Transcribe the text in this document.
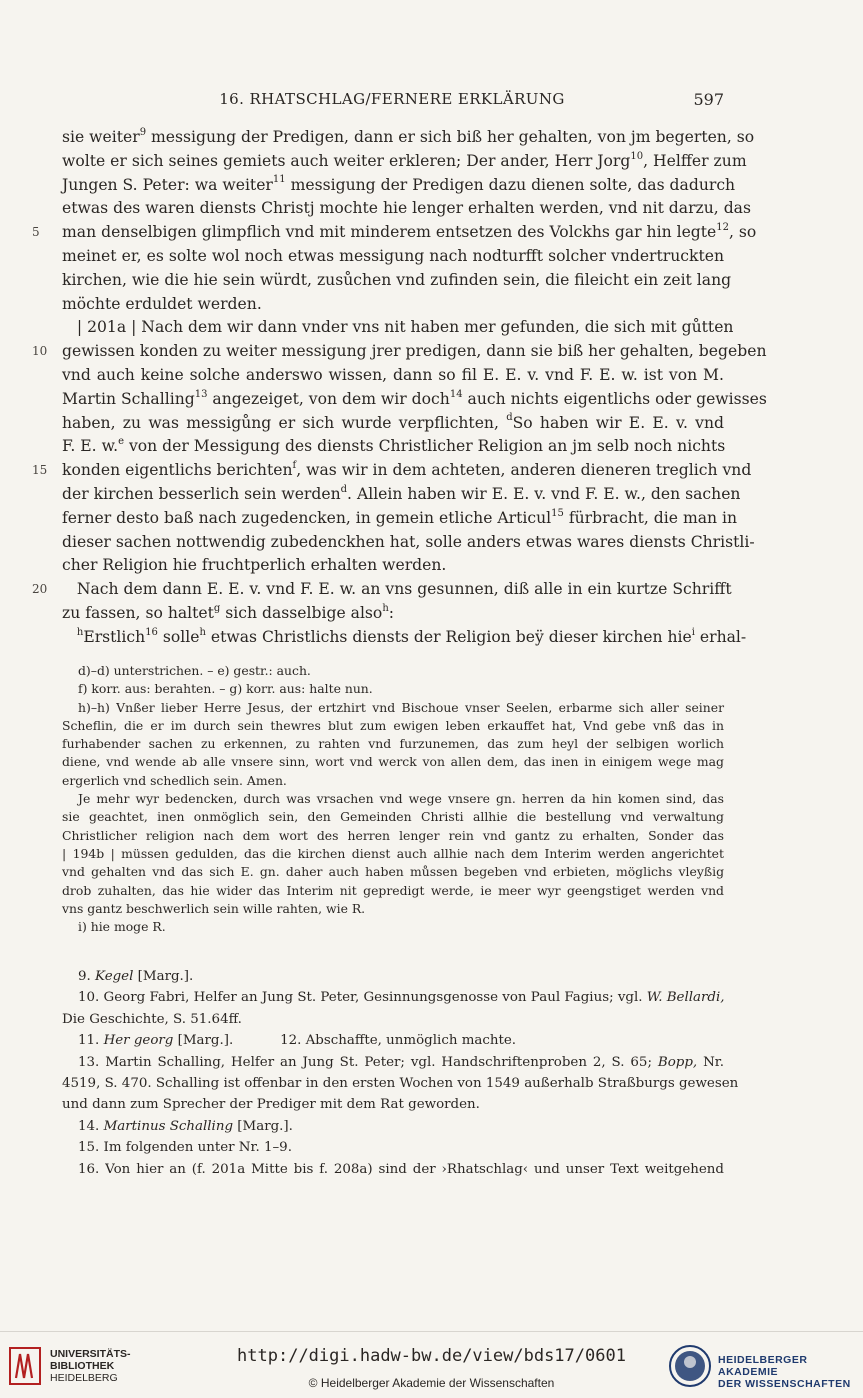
16. RHATSCHLAG/FERNERE ERKLÄRUNG	597
sie weiter$^9$ messigung der Predigen, dann er sich biß her gehalten, von jm begerten, so
wolte er sich seines gemiets auch weiter erkleren; Der ander, Herr Jorg$^{10}$, Helffer zum
Jungen S. Peter: wa weiter$^{11}$ messigung der Predigen dazu dienen solte, das dadurch
etwas des waren diensts Christj mochte hie lenger erhalten werden, vnd nit darzu, das
5 man denselbigen glimpflich vnd mit minderem entsetzen des Volckhs gar hin legte$^{12}$, so
meinet er, es solte wol noch etwas messigung nach nodturfft solcher vndertruckten
kirchen, wie die hie sein würdt, zusůchen vnd zufinden sein, die fileicht ein zeit lang
möchte erduldet werden.
| 201a | Nach dem wir dann vnder vns nit haben mer gefunden, die sich mit gůtten
10 gewissen konden zu weiter messigung jrer predigen, dann sie biß her gehalten, begeben
vnd auch keine solche anderswo wissen, dann so fil E. E. v. vnd F. E. w. ist von M.
Martin Schalling$^{13}$ angezeiget, von dem wir doch$^{14}$ auch nichts eigentlichs oder gewisses
haben, zu was messigůng er sich wurde verpflichten, $^d$So haben wir E. E. v. vnd
F. E. w.$^e$ von der Messigung des diensts Christlicher Religion an jm selb noch nichts
15 konden eigentlichs berichten$^f$, was wir in dem achteten, anderen dieneren treglich vnd
der kirchen besserlich sein werden$^d$. Allein haben wir E. E. v. vnd F. E. w., den sachen
ferner desto baß nach zugedencken, in gemein etliche Articul$^{15}$ fürbracht, die man in
dieser sachen nottwendig zubedenckhen hat, solle anders etwas wares diensts Christli-
cher Religion hie fruchtperlich erhalten werden.
20 Nach dem dann E. E. v. vnd F. E. w. an vns gesunnen, diß alle in ein kurtze Schrifft
zu fassen, so haltet$^g$ sich dasselbige also$^h$:
$^h$Erstlich$^{16}$ solle$^h$ etwas Christlichs diensts der Religion beÿ dieser kirchen hie$^i$ erhal-
d)–d) unterstrichen. – e) gestr.: auch.
f) korr. aus: berahten. – g) korr. aus: halte nun.
h)–h) Vnßer lieber Herre Jesus, der ertzhirt vnd Bischoue vnser Seelen, erbarme sich aller seiner
Scheflin, die er im durch sein thewres blut zum ewigen leben erkauffet hat, Vnd gebe vnß das in
furhabender sachen zu erkennen, zu rahten vnd furzunemen, das zum heyl der selbigen worlich
diene, vnd wende ab alle vnsere sinn, wort vnd werck von allen dem, das inen in einigem wege mag
ergerlich vnd schedlich sein. Amen.
Je mehr wyr bedencken, durch was vrsachen vnd wege vnsere gn. herren da hin komen sind, das
sie geachtet, inen onmöglich sein, den Gemeinden Christi allhie die bestellung vnd verwaltung
Christlicher religion nach dem wort des herren lenger rein vnd gantz zu erhalten, Sonder das
| 194b | müssen gedulden, das die kirchen dienst auch allhie nach dem Interim werden angerichtet
vnd gehalten vnd das sich E. gn. daher auch haben můssen begeben vnd erbieten, möglichs vleyßig
drob zuhalten, das hie wider das Interim nit gepredigt werde, ie meer wyr geengstiget werden vnd
vns gantz beschwerlich sein wille rahten, wie R.
i) hie moge R.
9. Kegel [Marg.].
10. Georg Fabri, Helfer an Jung St. Peter, Gesinnungsgenosse von Paul Fagius; vgl. W. Bellardi,
Die Geschichte, S. 51.64ff.
11. Her georg [Marg.].           12. Abschaffte, unmöglich machte.
13. Martin Schalling, Helfer an Jung St. Peter; vgl. Handschriftenproben 2, S. 65; Bopp, Nr.
4519, S. 470. Schalling ist offenbar in den ersten Wochen von 1549 außerhalb Straßburgs gewesen
und dann zum Sprecher der Prediger mit dem Rat geworden.
14. Martinus Schalling [Marg.].
15. Im folgenden unter Nr. 1–9.
16. Von hier an (f. 201a Mitte bis f. 208a) sind der ›Rhatschlag‹ und unser Text weitgehend
UNIVERSITÄTS-
BIBLIOTHEK
HEIDELBERG
http://digi.hadw-bw.de/view/bds17/0601
© Heidelberger Akademie der Wissenschaften
HEIDELBERGER AKADEMIE
DER WISSENSCHAFTEN
